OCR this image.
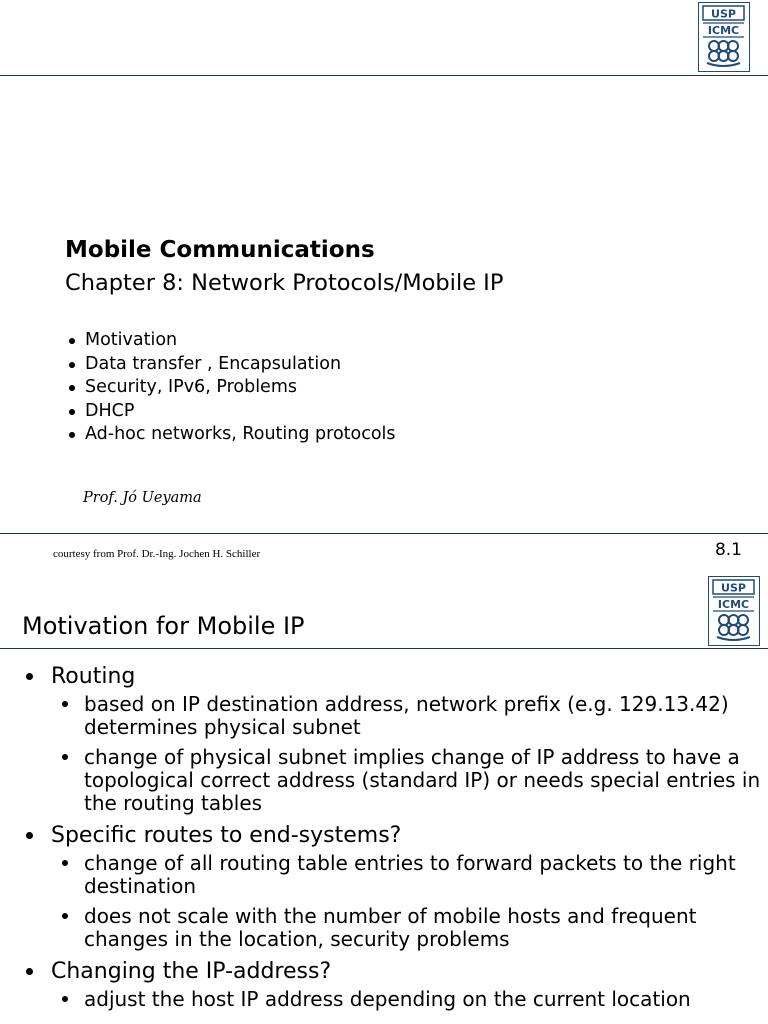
USP
ICMC
Mobile Communications
Chapter 8: Network Protocols/Mobile IP
Motivation
Data transfer , Encapsulation
Security, IPv6, Problems
DHCP
Ad-hoc networks, Routing protocols
Prof. Jó Ueyama
courtesy from Prof. Dr.-Ing. Jochen H. Schiller	8.1
USP
ICMC
Motivation for Mobile IP
Routing
based on IP destination address, network prefix (e.g. 129.13.42) determines physical subnet
change of physical subnet implies change of IP address to have a topological correct address (standard IP) or needs special entries in the routing tables
Specific routes to end-systems?
change of all routing table entries to forward packets to the right destination
does not scale with the number of mobile hosts and frequent changes in the location, security problems
Changing the IP-address?
adjust the host IP address depending on the current location
